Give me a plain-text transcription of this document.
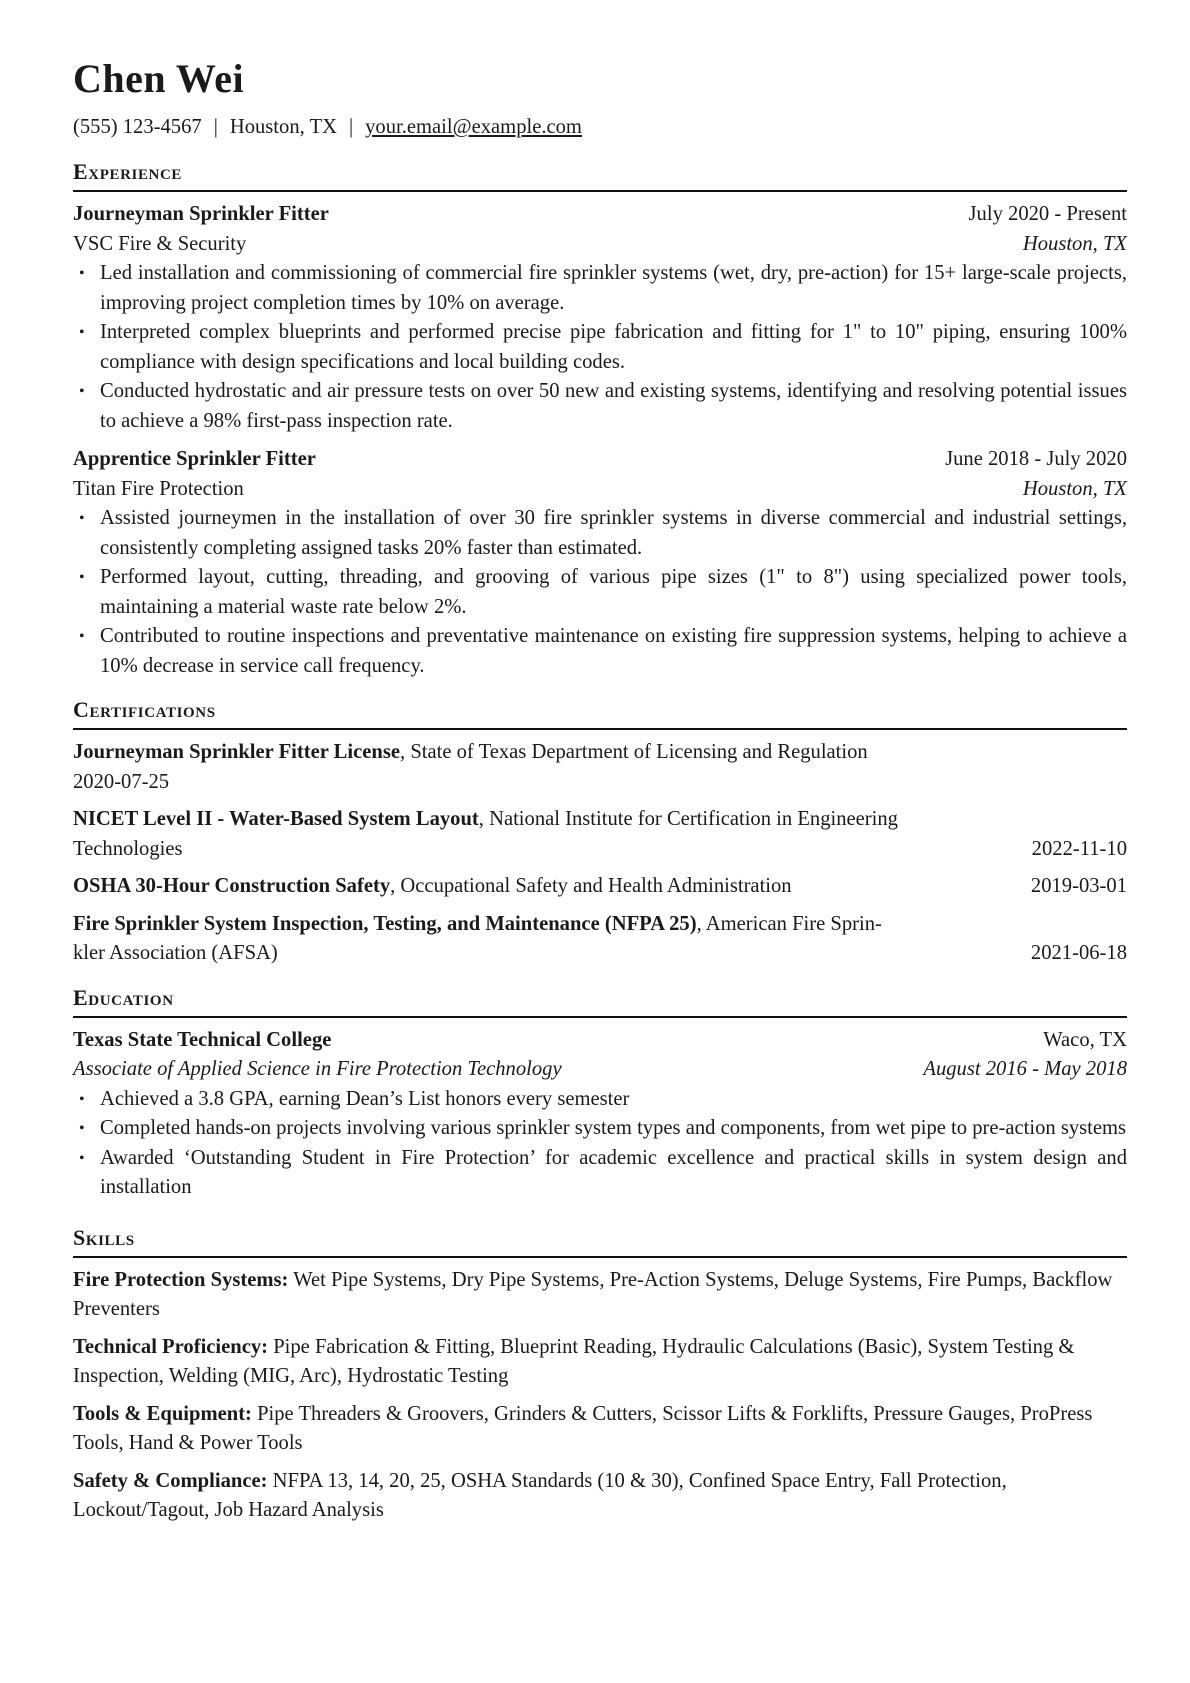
Chen Wei
(555) 123-4567 | Houston, TX | your.email@example.com
Experience
Journeyman Sprinkler Fitter	July 2020 - Present
VSC Fire & Security	Houston, TX
• Led installation and commissioning of commercial fire sprinkler systems (wet, dry, pre-action) for 15+ large-scale projects, improving project completion times by 10% on average.
• Interpreted complex blueprints and performed precise pipe fabrication and fitting for 1" to 10" piping, ensuring 100% compliance with design specifications and local building codes.
• Conducted hydrostatic and air pressure tests on over 50 new and existing systems, identifying and resolving potential issues to achieve a 98% first-pass inspection rate.
Apprentice Sprinkler Fitter	June 2018 - July 2020
Titan Fire Protection	Houston, TX
• Assisted journeymen in the installation of over 30 fire sprinkler systems in diverse commercial and industrial settings, consistently completing assigned tasks 20% faster than estimated.
• Performed layout, cutting, threading, and grooving of various pipe sizes (1" to 8") using specialized power tools, maintaining a material waste rate below 2%.
• Contributed to routine inspections and preventative maintenance on existing fire suppression systems, helping to achieve a 10% decrease in service call frequency.
Certifications
Journeyman Sprinkler Fitter License, State of Texas Department of Licensing and Regulation
2020-07-25
NICET Level II - Water-Based System Layout, National Institute for Certification in Engineering
Technologies	2022-11-10
OSHA 30-Hour Construction Safety, Occupational Safety and Health Administration	2019-03-01
Fire Sprinkler System Inspection, Testing, and Maintenance (NFPA 25), American Fire Sprin-
kler Association (AFSA)	2021-06-18
Education
Texas State Technical College	Waco, TX
Associate of Applied Science in Fire Protection Technology	August 2016 - May 2018
• Achieved a 3.8 GPA, earning Dean’s List honors every semester
• Completed hands-on projects involving various sprinkler system types and components, from wet pipe to pre-action systems
• Awarded ‘Outstanding Student in Fire Protection’ for academic excellence and practical skills in system design and installation
Skills
Fire Protection Systems: Wet Pipe Systems, Dry Pipe Systems, Pre-Action Systems, Deluge Systems, Fire Pumps, Backflow Preventers
Technical Proficiency: Pipe Fabrication & Fitting, Blueprint Reading, Hydraulic Calculations (Basic), System Testing & Inspection, Welding (MIG, Arc), Hydrostatic Testing
Tools & Equipment: Pipe Threaders & Groovers, Grinders & Cutters, Scissor Lifts & Forklifts, Pressure Gauges, ProPress Tools, Hand & Power Tools
Safety & Compliance: NFPA 13, 14, 20, 25, OSHA Standards (10 & 30), Confined Space Entry, Fall Protection, Lockout/Tagout, Job Hazard Analysis
